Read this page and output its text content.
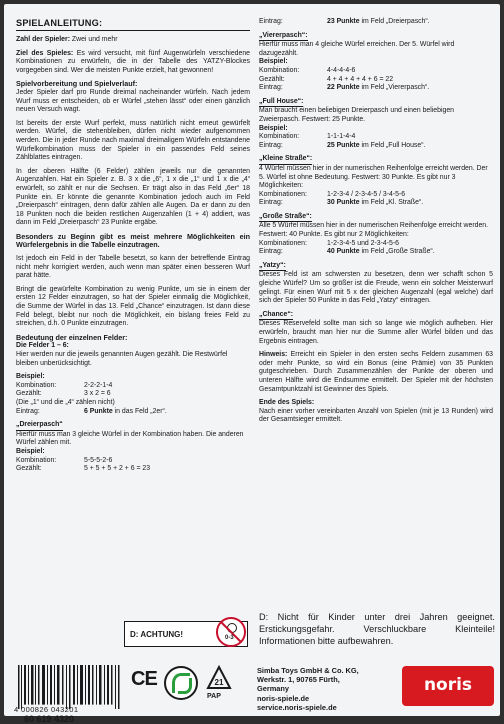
SPIELANLEITUNG:
Zahl der Spieler: Zwei und mehr

Ziel des Spieles: Es wird versucht, mit fünf Augenwürfeln verschiedene Kombinationen zu erwürfeln, die in der Tabelle des YATZY-Blockes vorgegeben sind. Wer die meisten Punkte erzielt, hat gewonnen!

Spielvorbereitung und Spielverlauf:

Jeder Spieler darf pro Runde dreimal nacheinander würfeln. Nach jedem Wurf muss er entscheiden, ob er Würfel „stehen lässt“ oder einen gänzlich neuen Versuch wagt.

Ist bereits der erste Wurf perfekt, muss natürlich nicht erneut gewürfelt werden. Würfel, die stehenbleiben, dürfen nicht wieder aufgenommen werden. Die in jeder Runde nach maximal dreimaligem Würfeln entstandene Würfelkombination muss der Spieler in ein passendes Feld seines Zählblattes eintragen.

In der oberen Hälfte (6 Felder) zählen jeweils nur die genannten Augenzahlen. Hat ein Spieler z. B. 3 x die „6“, 1 x die „1“ und 1 x die „4“ erwürfelt, so zählt er nur die Sechsen. Er trägt also in das Feld „6er“ 18 Punkte ein. Er könnte die genannte Kombination jedoch auch im Feld „Dreierpasch“ eintragen, denn dafür zählen alle Augen. Da er dann zu den 18 Punkten noch die beiden restlichen Augenzahlen (1 + 4) addiert, was dann im Feld „Dreierpasch“ 23 Punkte ergäbe.

Besonders zu Beginn gibt es meist mehrere Möglichkeiten ein Würfelergebnis in die Tabelle einzutragen.

Ist jedoch ein Feld in der Tabelle besetzt, so kann der betreffende Eintrag nicht mehr korrigiert werden, auch wenn man später einen besseren Wurf parat hätte.

Bringt die gewürfelte Kombination zu wenig Punkte, um sie in einem der ersten 12 Felder einzutragen, so hat der Spieler einmalig die Möglichkeit, die Summe der Würfel in das 13. Feld „Chance“ einzutragen. Ist dann diese Feld belegt, bleibt nur noch die Möglichkeit, ein bislang freies Feld zu streichen, d.h. 0 Punkte einzutragen.

Bedeutung der einzelnen Felder:
Die Felder 1 – 6:
Hier werden nur die jeweils genannten Augen gezählt. Die Restwürfel bleiben unberücksichtigt.
Beispiel:
Kombination:	2-2-2-1-4
Gezählt:	3 x 2 = 6
(Die „1“ und die „4“ zählen nicht)
Eintrag:	6 Punkte in das Feld „2er“.
„Dreierpasch“
Hierfür muss man 3 gleiche Würfel in der Kombination haben. Die anderen Würfel zählen mit.
Beispiel:
Kombination:	5-5-5-2-6
Gezählt:	5 + 5 + 5 + 2 + 6 = 23
Eintrag:	23 Punkte im Feld „Dreierpasch“.
„Viererpasch“:
Hierfür muss man 4 gleiche Würfel erreichen. Der 5. Würfel wird dazugezählt.
Beispiel:
Kombination:	4-4-4-4-6
Gezählt:	4 + 4 + 4 + 4 + 6 = 22
Eintrag:	22 Punkte im Feld „Viererpasch“.
„Full House“:
Man braucht einen beliebigen Dreierpasch und einen beliebigen Zweierpasch. Festwert: 25 Punkte.
Beispiel:
Kombination:	1-1-1-4-4
Eintrag:	25 Punkte im Feld „Full House“.
„Kleine Straße“:
4 Würfel müssen hier in der numerischen Reihenfolge erreicht werden. Der 5. Würfel ist ohne Bedeutung. Festwert: 30 Punkte. Es gibt nur 3 Möglichkeiten:
Kombinationen:	1-2-3-4 / 2-3-4-5 / 3-4-5-6
Eintrag:	30 Punkte im Feld „Kl. Straße“.
„Große Straße“:
Alle 5 Würfel müssen hier in der numerischen Reihenfolge erreicht werden.
Festwert: 40 Punkte. Es gibt nur 2 Möglichkeiten:
Kombinationen:	1-2-3-4-5 und 2-3-4-5-6
Eintrag:	40 Punkte im Feld „Große Straße“.
„Yatzy“:

Dieses Feld ist am schwersten zu besetzen, denn wer schafft schon 5 gleiche Würfel? Um so größer ist die Freude, wenn ein solcher Meisterwurf gelingt. Für einen Wurf mit 5 x der gleichen Augenzahl (egal welche) darf sich der Spieler 50 Punkte in das Feld „Yatzy“ eintragen.

„Chance“:

Dieses Reservefeld sollte man sich so lange wie möglich aufheben. Hier erwürfeln, braucht man hier nur die Summe aller Würfel bilden und das Ergebnis eintragen.

Hinweis: Erreicht ein Spieler in den ersten sechs Feldern zusammen 63 oder mehr Punkte, so wird ein Bonus (eine Prämie) von 35 Punkten gutgeschrieben. Durch Zusammenzählen der Punkte der oberen und unteren Hälfte wird die Endsumme ermittelt. Der Spieler mit der höchsten Gesamtpunktzahl ist Gewinner des Spiels.

Ende des Spiels:

Nach einer vorher vereinbarten Anzahl von Spielen (mit je 13 Runden) wird der Gesamtsieger ermittelt.

D: ACHTUNG!	0-3
D: Nicht für Kinder unter drei Jahren geeignet. Erstickungsgefahr. Verschluckbare Kleinteile! Informationen bitte aufbewahren.
4 000826 043201
60 619 4320
CE	21
PAP
Simba Toys GmbH & Co. KG,
Werkstr. 1, 90765 Fürth,
Germany
noris-spiele.de
service.noris-spiele.de
noris
